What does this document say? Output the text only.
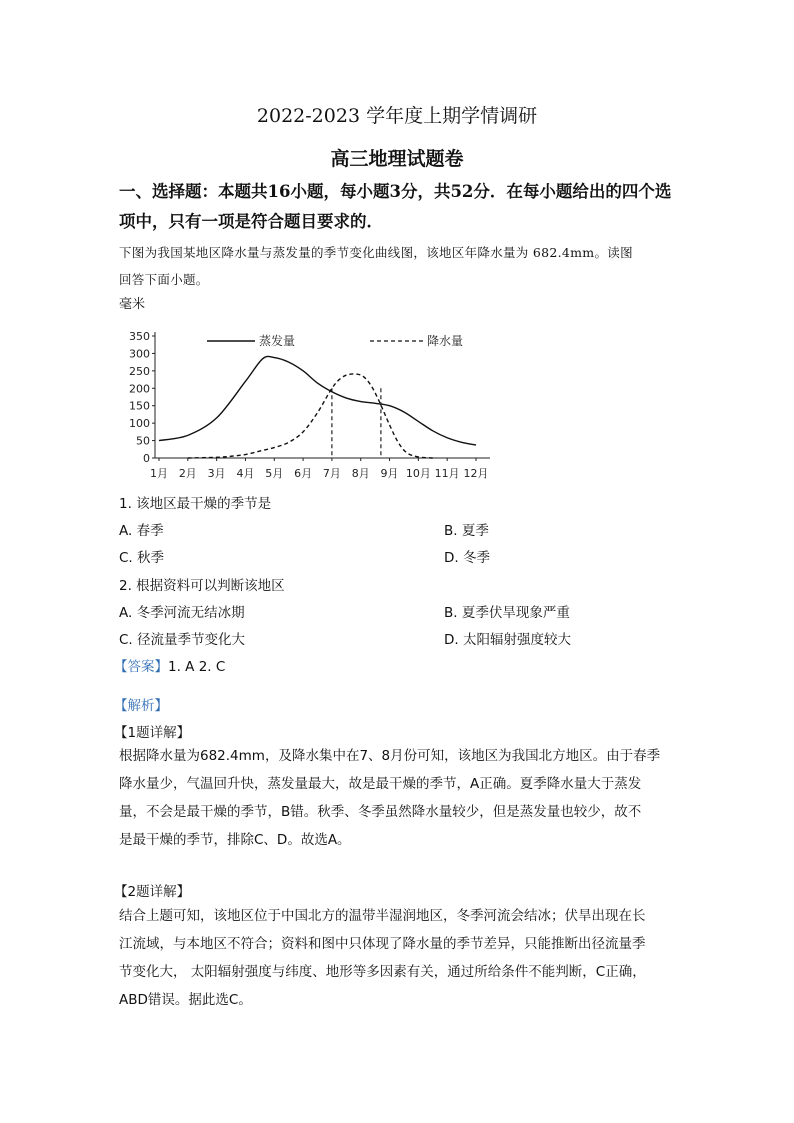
2022-2023 学年度上期学情调研
高三地理试题卷
一、选择题：本题共16小题，每小题3分，共52分．在每小题给出的四个选
项中，只有一项是符合题目要求的．
下图为我国某地区降水量与蒸发量的季节变化曲线图，该地区年降水量为 682.4mm。读图
回答下面小题。
毫米
350
300
250
200
150
100
50
0
1月 2月 3月 4月 5月 6月 7月 8月 9月 10月 11月 12月
蒸发量	降水量
1. 该地区最干燥的季节是
A. 春季	B. 夏季
C. 秋季	D. 冬季
2. 根据资料可以判断该地区
A. 冬季河流无结冰期	B. 夏季伏旱现象严重
C. 径流量季节变化大	D. 太阳辐射强度较大
【答案】1. A 2. C
【解析】
【1题详解】
根据降水量为682.4mm，及降水集中在7、8月份可知，该地区为我国北方地区。由于春季
降水量少，气温回升快，蒸发量最大，故是最干燥的季节，A正确。夏季降水量大于蒸发
量，不会是最干燥的季节，B错。秋季、冬季虽然降水量较少，但是蒸发量也较少，故不
是最干燥的季节，排除C、D。故选A。
【2题详解】
结合上题可知，该地区位于中国北方的温带半湿润地区，冬季河流会结冰；伏旱出现在长
江流域，与本地区不符合；资料和图中只体现了降水量的季节差异，只能推断出径流量季
节变化大， 太阳辐射强度与纬度、地形等多因素有关，通过所给条件不能判断，C正确，
ABD错误。据此选C。
